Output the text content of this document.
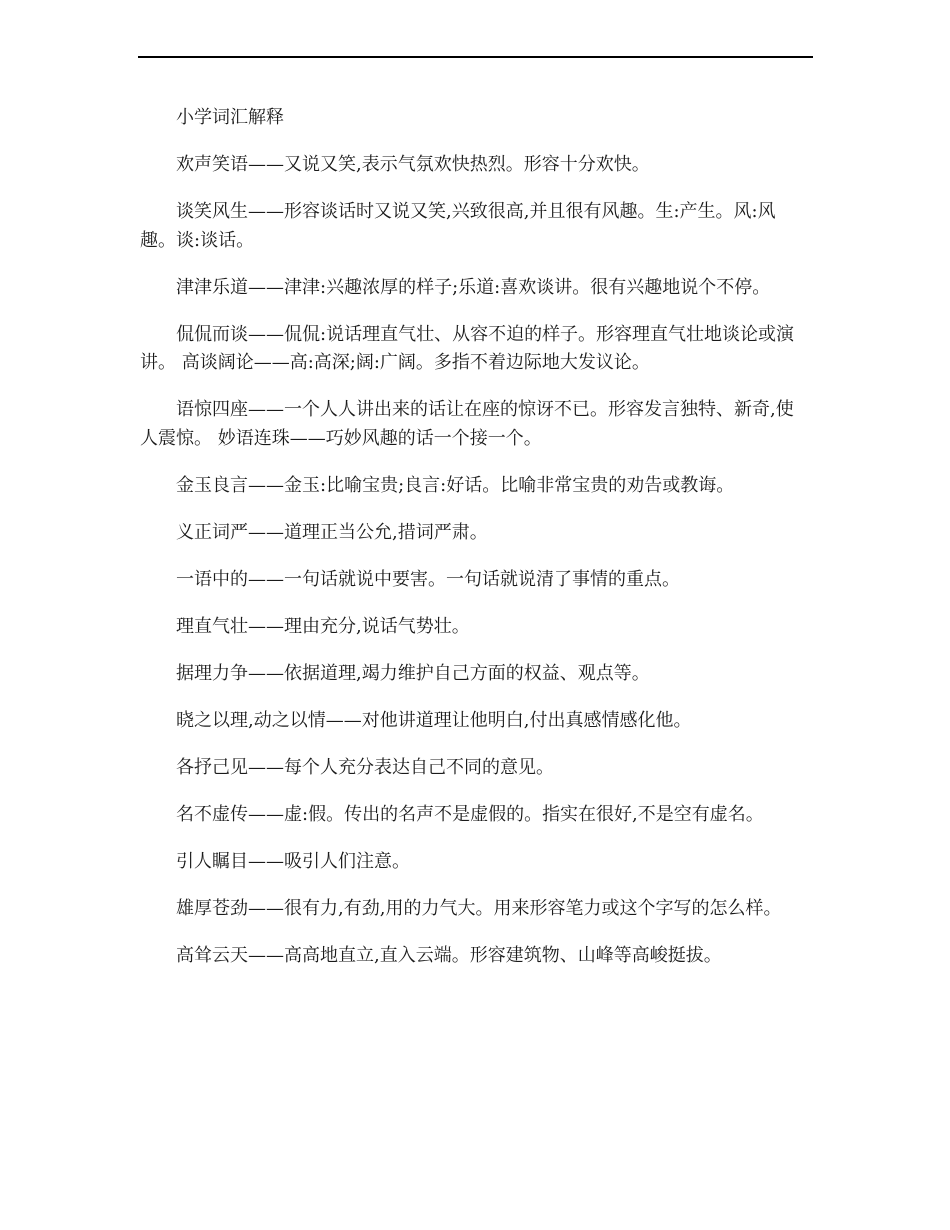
小学词汇解释

欢声笑语——又说又笑,表示气氛欢快热烈。形容十分欢快。

谈笑风生——形容谈话时又说又笑,兴致很高,并且很有风趣。生:产生。风:风趣。谈:谈话。

津津乐道——津津:兴趣浓厚的样子;乐道:喜欢谈讲。很有兴趣地说个不停。

侃侃而谈——侃侃:说话理直气壮、从容不迫的样子。形容理直气壮地谈论或演讲。 高谈阔论——高:高深;阔:广阔。多指不着边际地大发议论。

语惊四座——一个人人讲出来的话让在座的惊讶不已。形容发言独特、新奇,使人震惊。 妙语连珠——巧妙风趣的话一个接一个。

金玉良言——金玉:比喻宝贵;良言:好话。比喻非常宝贵的劝告或教诲。

义正词严——道理正当公允,措词严肃。

一语中的——一句话就说中要害。一句话就说清了事情的重点。

理直气壮——理由充分,说话气势壮。

据理力争——依据道理,竭力维护自己方面的权益、观点等。

晓之以理,动之以情——对他讲道理让他明白,付出真感情感化他。

各抒己见——每个人充分表达自己不同的意见。

名不虚传——虚:假。传出的名声不是虚假的。指实在很好,不是空有虚名。

引人瞩目——吸引人们注意。

雄厚苍劲——很有力,有劲,用的力气大。用来形容笔力或这个字写的怎么样。

高耸云天——高高地直立,直入云端。形容建筑物、山峰等高峻挺拔。
